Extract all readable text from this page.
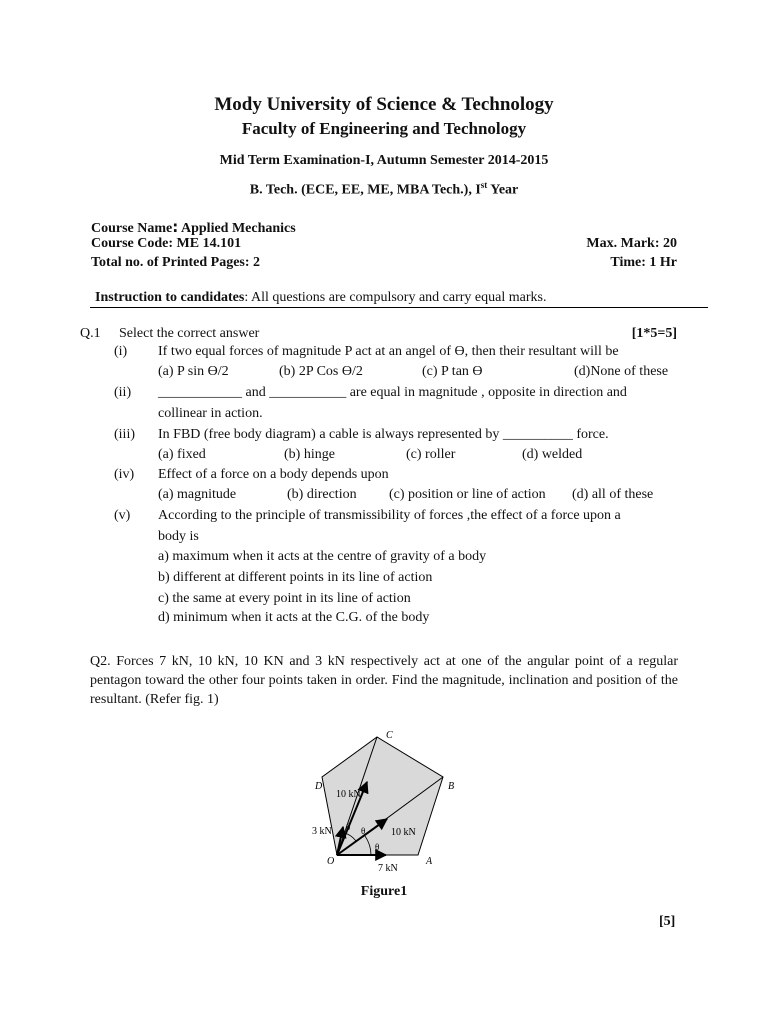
Mody University of Science & Technology
Faculty of Engineering and Technology
Mid Term Examination-I, Autumn Semester 2014-2015
B. Tech. (ECE, EE, ME, MBA Tech.), Ist Year
Course Name: Applied Mechanics
Course Code: ME 14.101	Max. Mark: 20
Total no. of Printed Pages: 2	Time: 1 Hr
Instruction to candidates: All questions are compulsory and carry equal marks.
Q.1 Select the correct answer	[1*5=5]
(i) If two equal forces of magnitude P act at an angel of ϴ, then their resultant will be
(a) P sin ϴ/2	(b) 2P Cos ϴ/2	(c) P tan ϴ	(d)None of these
(ii) ____________ and ___________ are equal in magnitude , opposite in direction and
collinear in action.
(iii) In FBD (free body diagram) a cable is always represented by __________ force.
(a) fixed	(b) hinge	(c) roller	(d) welded
(iv) Effect of a force on a body depends upon
(a) magnitude	(b) direction (c) position or line of action (d) all of these
(v) According to the principle of transmissibility of forces ,the effect of a force upon a
body is
a) maximum when it acts at the centre of gravity of a body
b) different at different points in its line of action
c) the same at every point in its line of action
d) minimum when it acts at the C.G. of the body
Q2. Forces 7 kN, 10 kN, 10 KN and 3 kN respectively act at one of the angular point of a regular pentagon toward the other four points taken in order. Find the magnitude, inclination and position of the resultant. (Refer fig. 1)
C
B
D
O	A
10 kN
10 kN
7 kN
3 kN θ θ
θ
Figure1
[5]
